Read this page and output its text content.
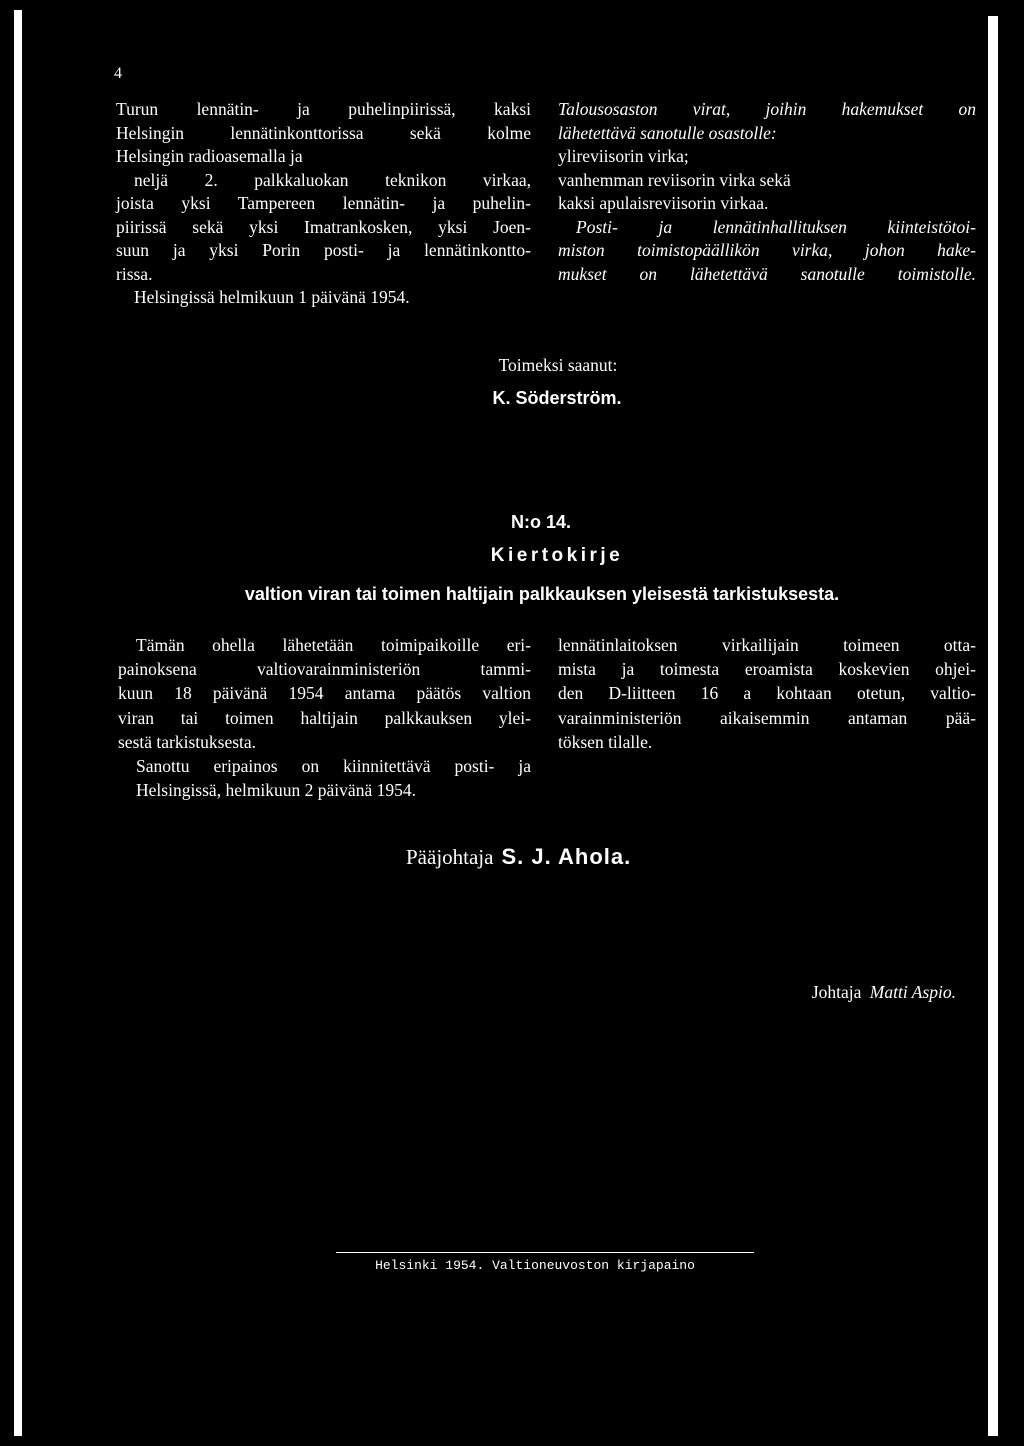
4

Turun lennätin- ja puhelinpiirissä, kaksi

Helsingin lennätinkonttorissa sekä kolme

Helsingin radioasemalla ja

neljä 2. palkkaluokan teknikon virkaa,

joista yksi Tampereen lennätin- ja puhelin-

piirissä sekä yksi Imatrankosken, yksi Joen-

suun ja yksi Porin posti- ja lennätinkontto-

rissa.

Helsingissä helmikuun 1 päivänä 1954.

Talousosaston virat, joihin hakemukset on

lähetettävä sanotulle osastolle:

ylireviisorin virka;

vanhemman reviisorin virka sekä

kaksi apulaisreviisorin virkaa.

Posti- ja lennätinhallituksen kiinteistötoi-

miston toimistopäällikön virka, johon hake-

mukset on lähetettävä sanotulle toimistolle.

Toimeksi saanut:
K. Söderström.
N:o 14.
Kiertokirje
valtion viran tai toimen haltijain palkkauksen yleisestä tarkistuksesta.

Tämän ohella lähetetään toimipaikoille eri-

painoksena valtiovarainministeriön tammi-

kuun 18 päivänä 1954 antama päätös valtion

viran tai toimen haltijain palkkauksen ylei-

sestä tarkistuksesta.

Sanottu eripainos on kiinnitettävä posti- ja

Helsingissä, helmikuun 2 päivänä 1954.

lennätinlaitoksen virkailijain toimeen otta-

mista ja toimesta eroamista koskevien ohjei-

den D-liitteen 16 a kohtaan otetun, valtio-

varainministeriön aikaisemmin antaman pää-

töksen tilalle.

Pääjohtaja S. J. Ahola.
Johtaja Matti Aspio.
Helsinki 1954. Valtioneuvoston kirjapaino
